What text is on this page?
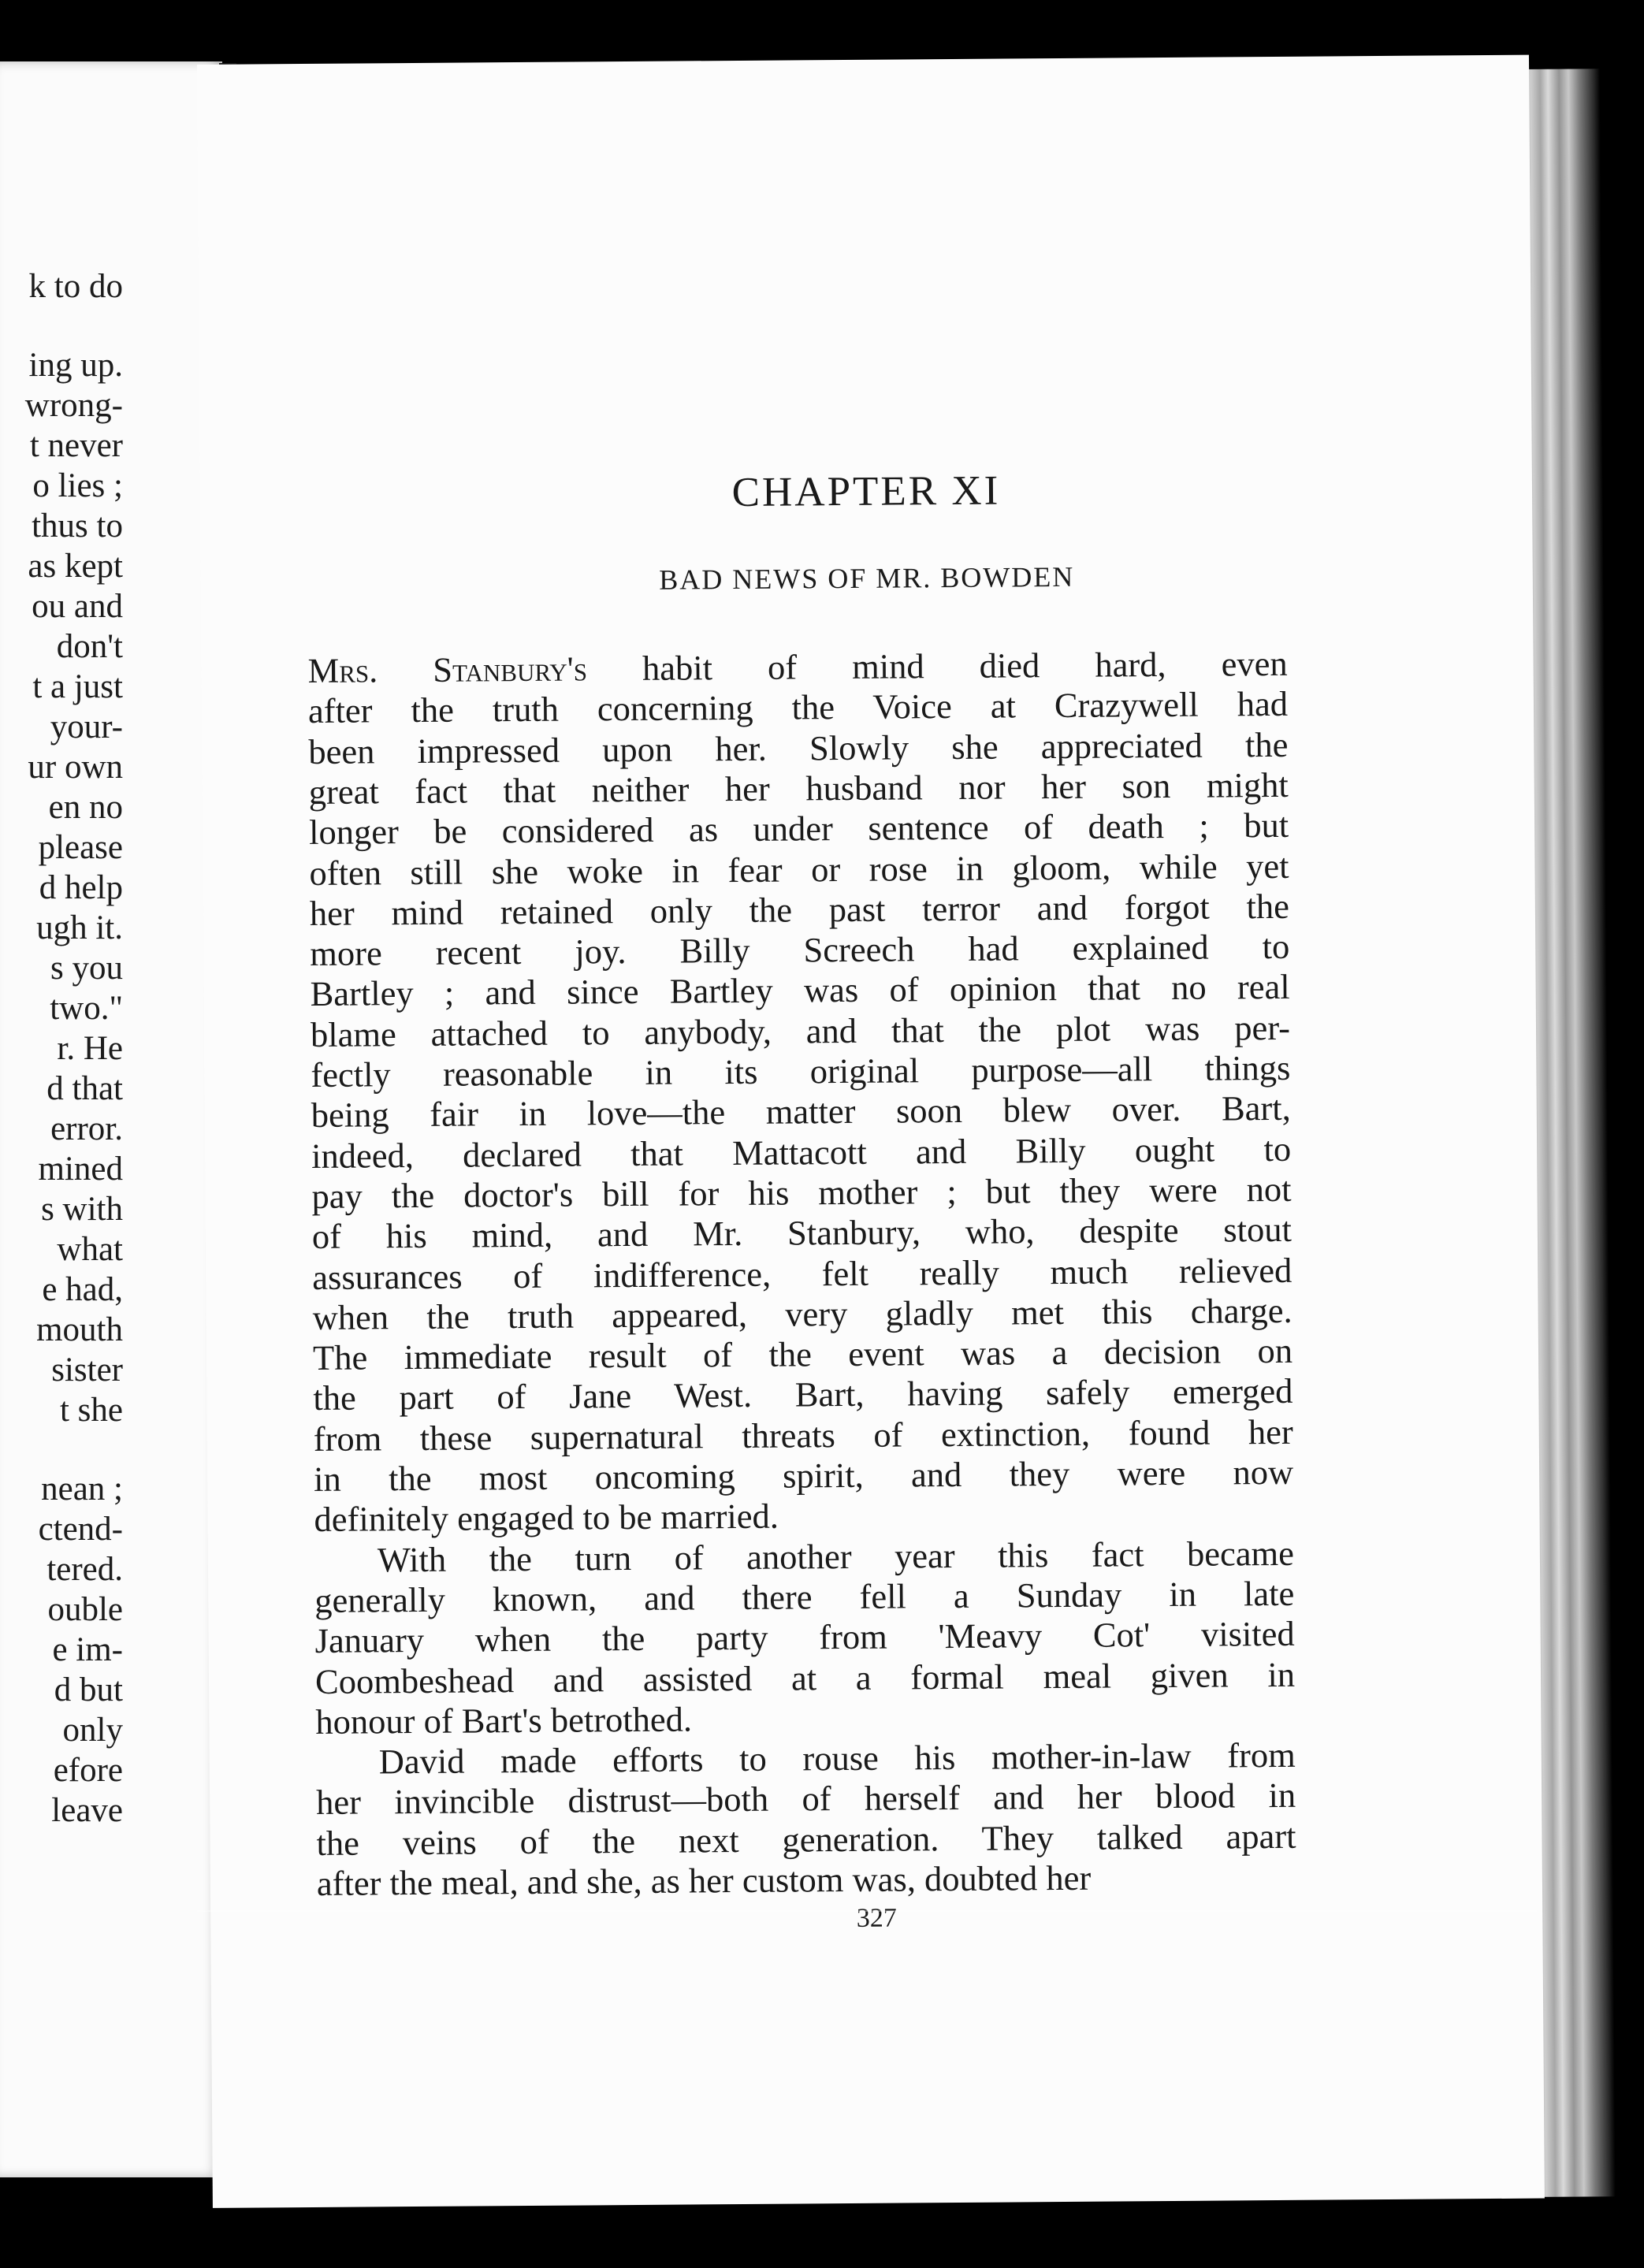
k to do
ing up.
wrong-
t never
o lies ;
thus to
as kept
ou and
don't
t a just
your-
ur own
en no
please
d help
ugh it.
s you
two."
r. He
d that
error.
mined
s with
what
e had,
mouth
sister
t she
nean ;
ctend-
tered.
ouble
e im-
d but
only
efore
leave
CHAPTER XI
BAD NEWS OF MR. BOWDEN
Mrs. Stanbury's habit of mind died hard, even
after the truth concerning the Voice at Crazywell had
been impressed upon her. Slowly she appreciated the
great fact that neither her husband nor her son might
longer be considered as under sentence of death ; but
often still she woke in fear or rose in gloom, while yet
her mind retained only the past terror and forgot the
more recent joy. Billy Screech had explained to
Bartley ; and since Bartley was of opinion that no real
blame attached to anybody, and that the plot was per-
fectly reasonable in its original purpose—all things
being fair in love—the matter soon blew over. Bart,
indeed, declared that Mattacott and Billy ought to
pay the doctor's bill for his mother ; but they were not
of his mind, and Mr. Stanbury, who, despite stout
assurances of indifference, felt really much relieved
when the truth appeared, very gladly met this charge.
The immediate result of the event was a decision on
the part of Jane West. Bart, having safely emerged
from these supernatural threats of extinction, found her
in the most oncoming spirit, and they were now
definitely engaged to be married.
With the turn of another year this fact became
generally known, and there fell a Sunday in late
January when the party from 'Meavy Cot' visited
Coombeshead and assisted at a formal meal given in
honour of Bart's betrothed.
David made efforts to rouse his mother-in-law from
her invincible distrust—both of herself and her blood in
the veins of the next generation. They talked apart
after the meal, and she, as her custom was, doubted her
327
